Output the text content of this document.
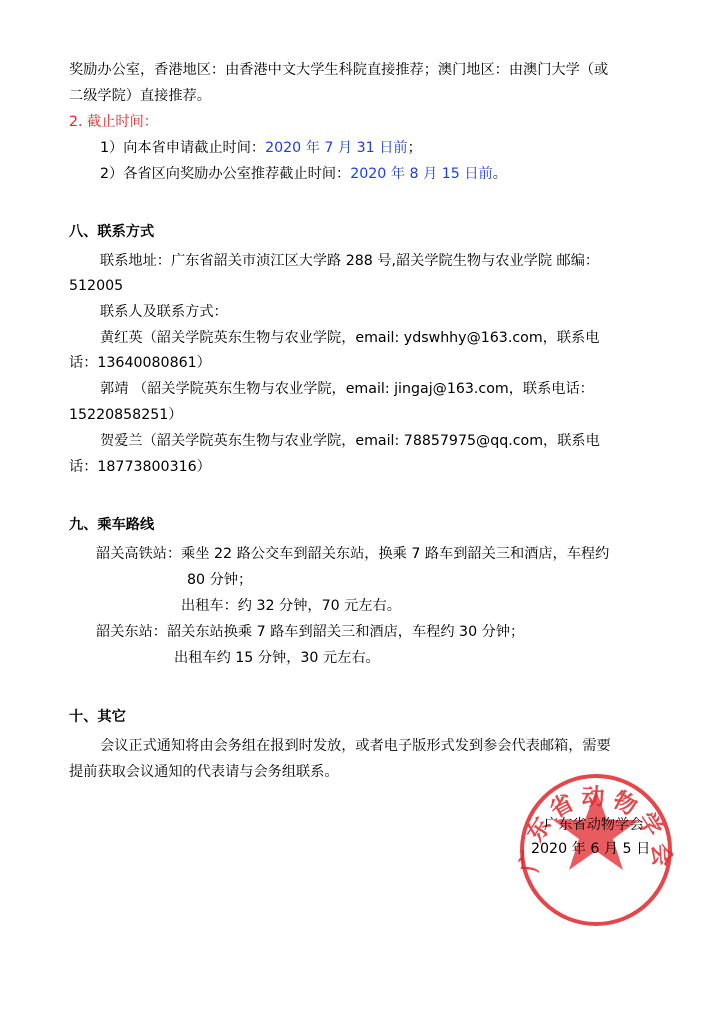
奖励办公室，香港地区：由香港中文大学生科院直接推荐；澳门地区：由澳门大学（或
二级学院）直接推荐。
2. 截止时间：
1）向本省申请截止时间：2020 年 7 月 31 日前；
2）各省区向奖励办公室推荐截止时间：2020 年 8 月 15 日前。
八、联系方式
联系地址：广东省韶关市浈江区大学路 288 号,韶关学院生物与农业学院 邮编：
512005
联系人及联系方式：
黄红英（韶关学院英东生物与农业学院，email: ydswhhy@163.com，联系电
话：13640080861）
郭靖 （韶关学院英东生物与农业学院，email: jingaj@163.com，联系电话：
15220858251）
贺爱兰（韶关学院英东生物与农业学院，email: 78857975@qq.com，联系电
话：18773800316）
九、乘车路线
韶关高铁站：乘坐 22 路公交车到韶关东站，换乘 7 路车到韶关三和酒店，车程约
80 分钟；
出租车：约 32 分钟，70 元左右。
韶关东站：韶关东站换乘 7 路车到韶关三和酒店，车程约 30 分钟；
出租车约 15 分钟，30 元左右。
十、其它
会议正式通知将由会务组在报到时发放，或者电子版形式发到参会代表邮箱，需要
提前获取会议通知的代表请与会务组联系。
广东省动物学会
广东省动物学会
2020 年 6 月 5 日
